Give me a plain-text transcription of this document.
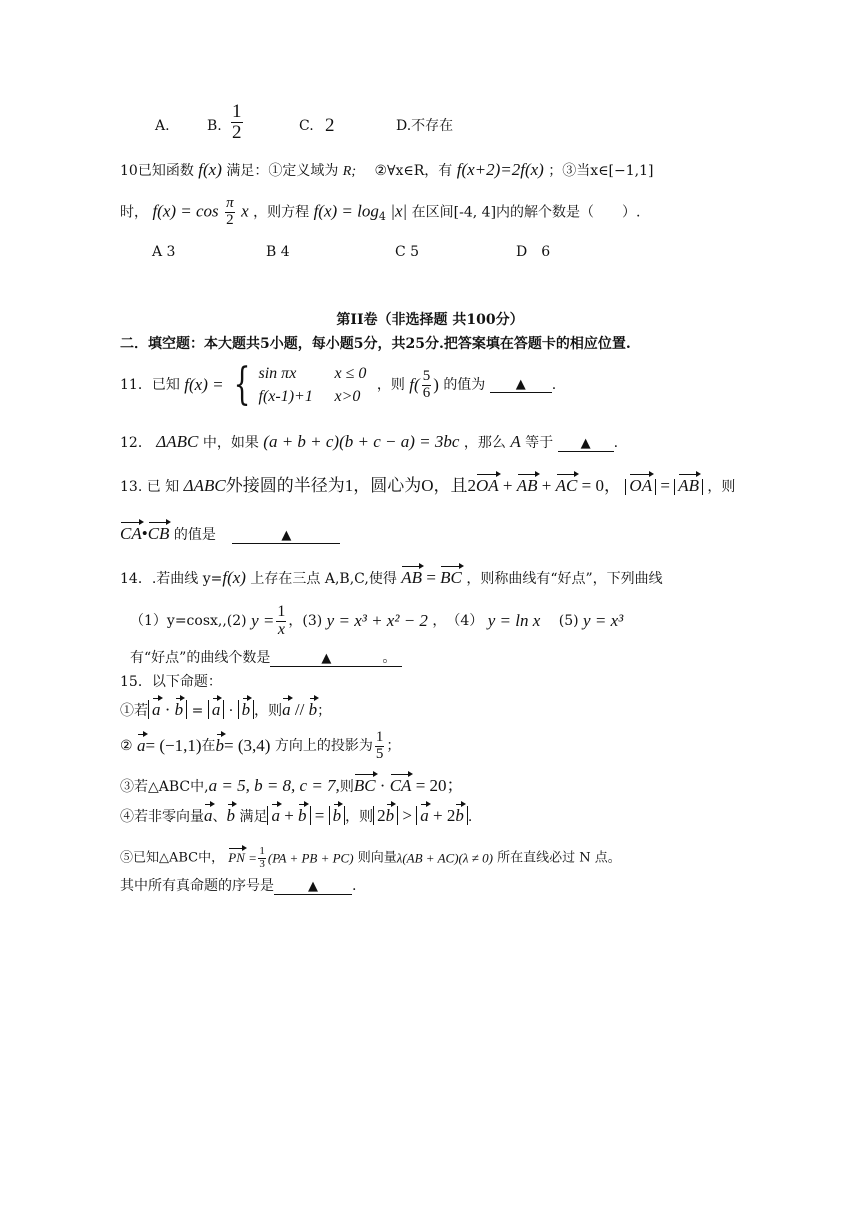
A.	B. $\frac{1}{2}$	C. 2	D.不存在
10已知函数 f(x) 满足：①定义域为 R; ②∀x∈R，有 f(x+2)=2f(x) ；③当x∈[−1,1]
时， $f(x) = \cos \frac{\pi}{2}$ x ，则方程 $f(x) = \log_4 |x|$ 在区间[-4, 4]内的解个数是（　　）.
A 3	B 4	C 5	D　6
第II卷（非选择题 共100分）
二．填空题：本大题共5小题，每小题5分，共25分.把答案填在答题卡的相应位置.
11．已知 f(x) = { sin πx	x ≤ 0
f(x-1)+1	x>0 ，则 $f( \frac{5}{6}$ ) 的值为 ▲ .
12． ΔABC 中，如果 (a + b + c)(b + c − a) = 3bc ，那么 A 等于 ▲ .
13. 已 知 ΔABC外接圆的半径为1，圆心为O，且2OA + AB + AC = 0， OA = AB ，则
CA•CB 的值是	▲
14．.若曲线 y=f(x) 上存在三点 A,B,C,使得 AB = BC ，则称曲线有“好点”，下列曲线
（1）y=cosx,,(2) $y = \frac{1}{x}$ ，(3) y = x³ + x² − 2 ，　（4） y = ln x 　(5) y = x³
有“好点”的曲线个数是	▲	。
15．以下命题：
①若 a · b = a · b ，则a // b；
② a= (−1,1)在b= (3,4) 方向上的投影为 $\frac{1}{5}$ ；
③若△ABC中,a = 5, b = 8, c = 7,则BC · CA = 20；
④若非零向量a、b 满足 a + b = b ，则 2b > a + 2b .
⑤已知△ABC中， PN = $\frac{1}{3} (PA$ + PB + PC) 则向量λ(AB + AC)(λ ≠ 0) 所在直线必过 N 点。
其中所有真命题的序号是	▲ .
